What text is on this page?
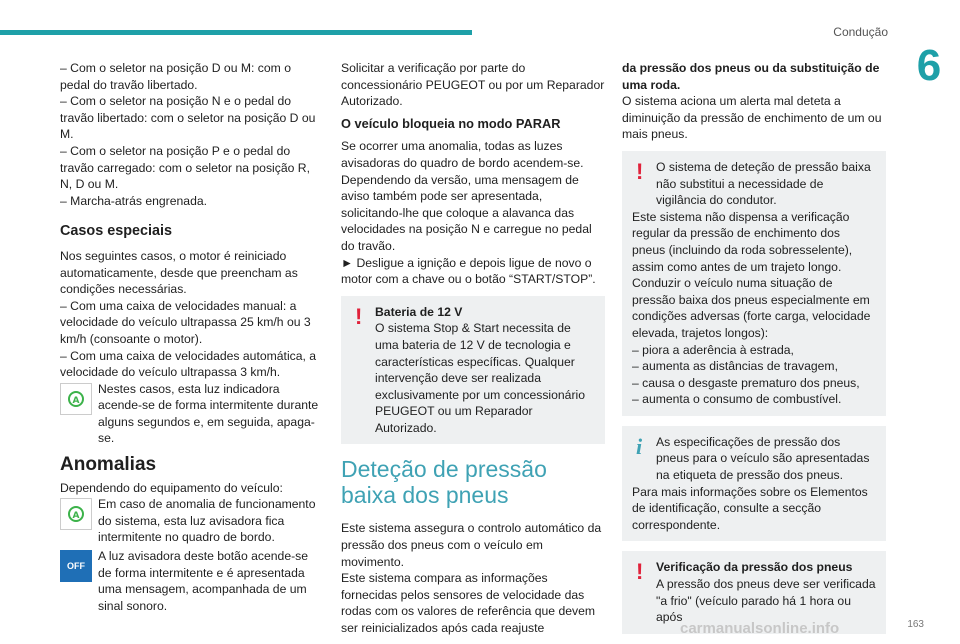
Condução
6

– Com o seletor na posição D ou M: com o pedal do travão libertado.

– Com o seletor na posição N e o pedal do travão libertado: com o seletor na posição D ou M.

– Com o seletor na posição P e o pedal do travão carregado: com o seletor na posição R, N, D ou M.

– Marcha-atrás engrenada.

Casos especiais

Nos seguintes casos, o motor é reiniciado automaticamente, desde que preencham as condições necessárias.

– Com uma caixa de velocidades manual: a velocidade do veículo ultrapassa 25 km/h ou 3 km/h (consoante o motor).

– Com uma caixa de velocidades automática, a velocidade do veículo ultrapassa 3 km/h.

A

Nestes casos, esta luz indicadora acende-se de forma intermitente durante alguns segundos e, em seguida, apaga-se.

Anomalias

Dependendo do equipamento do veículo:

A

Em caso de anomalia de funcionamento do sistema, esta luz avisadora fica intermitente no quadro de bordo.

OFF

A luz avisadora deste botão acende-se de forma intermitente e é apresentada uma mensagem, acompanhada de um sinal sonoro.

Solicitar a verificação por parte do concessionário PEUGEOT ou por um Reparador Autorizado.

O veículo bloqueia no modo PARAR

Se ocorrer uma anomalia, todas as luzes avisadoras do quadro de bordo acendem-se. Dependendo da versão, uma mensagem de aviso também pode ser apresentada, solicitando-lhe que coloque a alavanca das velocidades na posição N e carregue no pedal do travão.

► Desligue a ignição e depois ligue de novo o motor com a chave ou o botão “START/STOP”.

!	Bateria de 12 V

O sistema Stop & Start necessita de uma bateria de 12 V de tecnologia e características específicas. Qualquer intervenção deve ser realizada exclusivamente por um concessionário PEUGEOT ou um Reparador Autorizado.

Deteção de pressão baixa dos pneus

Este sistema assegura o controlo automático da pressão dos pneus com o veículo em movimento.

Este sistema compara as informações fornecidas pelos sensores de velocidade das rodas com os valores de referência que devem ser reinicializados após cada reajuste

da pressão dos pneus ou da substituição de uma roda.

O sistema aciona um alerta mal deteta a diminuição da pressão de enchimento de um ou mais pneus.

!	O sistema de deteção de pressão baixa não substitui a necessidade de vigilância do condutor.

Este sistema não dispensa a verificação regular da pressão de enchimento dos pneus (incluindo da roda sobresselente), assim como antes de um trajeto longo.

Conduzir o veículo numa situação de pressão baixa dos pneus especialmente em condições adversas (forte carga, velocidade elevada, trajetos longos):

– piora a aderência à estrada,

– aumenta as distâncias de travagem,

– causa o desgaste prematuro dos pneus,

– aumenta o consumo de combustível.

i	As especificações de pressão dos pneus para o veículo são apresentadas na etiqueta de pressão dos pneus.

Para mais informações sobre os Elementos de identificação, consulte a secção correspondente.

!	Verificação da pressão dos pneus

A pressão dos pneus deve ser verificada "a frio" (veículo parado há 1 hora ou após

163
carmanualsonline.info
